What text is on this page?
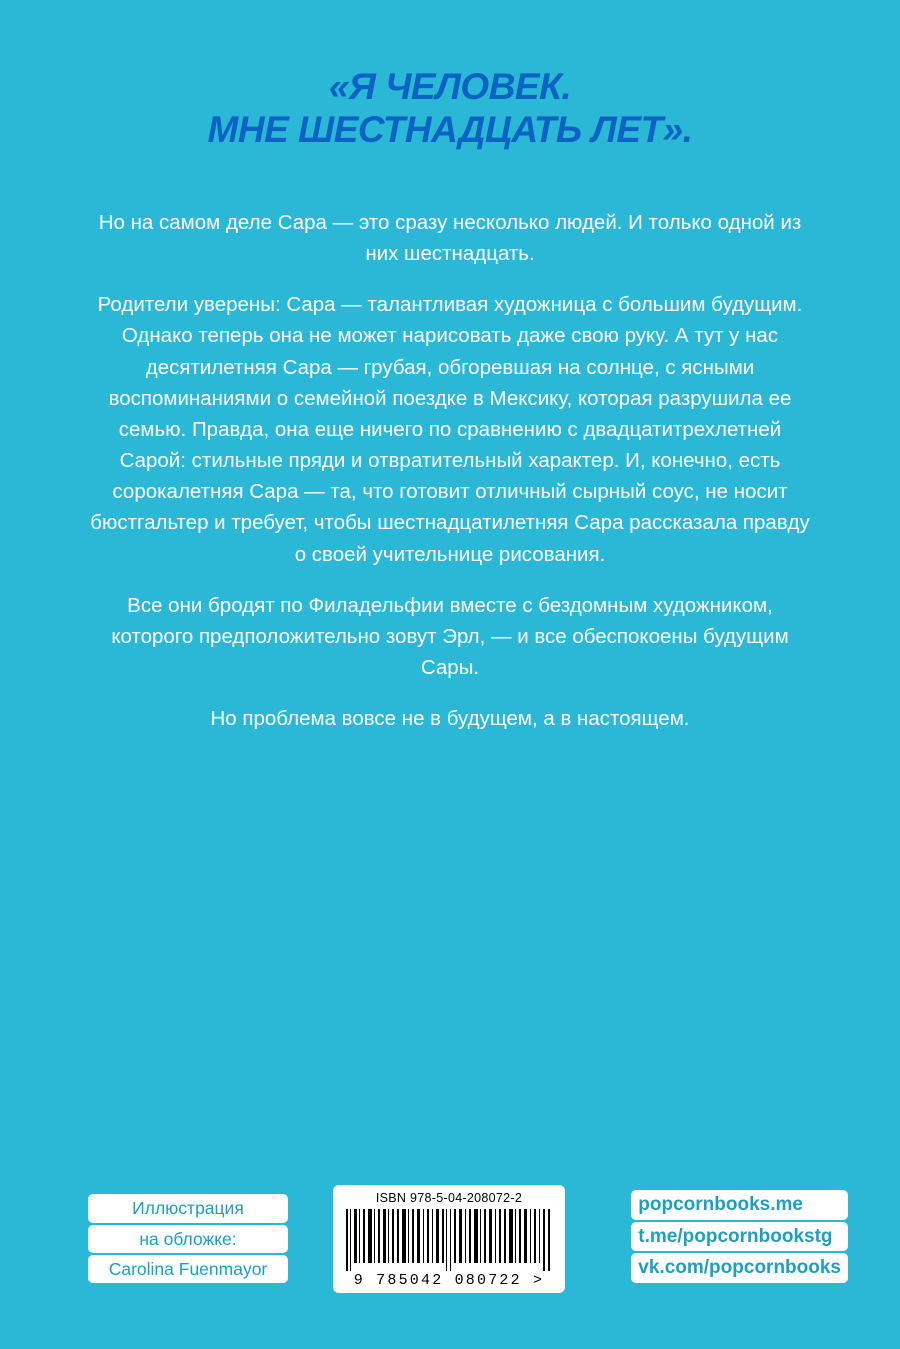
«Я ЧЕЛОВЕК.
МНЕ ШЕСТНАДЦАТЬ ЛЕТ».

Но на самом деле Сара — это сразу несколько людей. И только одной из них шестнадцать.

Родители уверены: Сара — талантливая художница с большим будущим. Однако теперь она не может нарисовать даже свою руку. А тут у нас десятилетняя Сара — грубая, обгоревшая на солнце, с ясными воспоминаниями о семейной поездке в Мексику, которая разрушила ее семью. Правда, она еще ничего по сравнению с двадцатитрехлетней Сарой: стильные пряди и отвратительный характер. И, конечно, есть сорокалетняя Сара — та, что готовит отличный сырный соус, не носит бюстгальтер и требует, чтобы шестнадцатилетняя Сара рассказала правду о своей учительнице рисования.

Все они бродят по Филадельфии вместе с бездомным художником, которого предположительно зовут Эрл, — и все обеспокоены будущим Сары.

Но проблема вовсе не в будущем, а в настоящем.

Иллюстрация
на обложке:
Carolina Fuenmayor
ISBN 978-5-04-208072-2
9 785042 080722 >
popcornbooks.me
t.me/popcornbookstg
vk.com/popcornbooks
